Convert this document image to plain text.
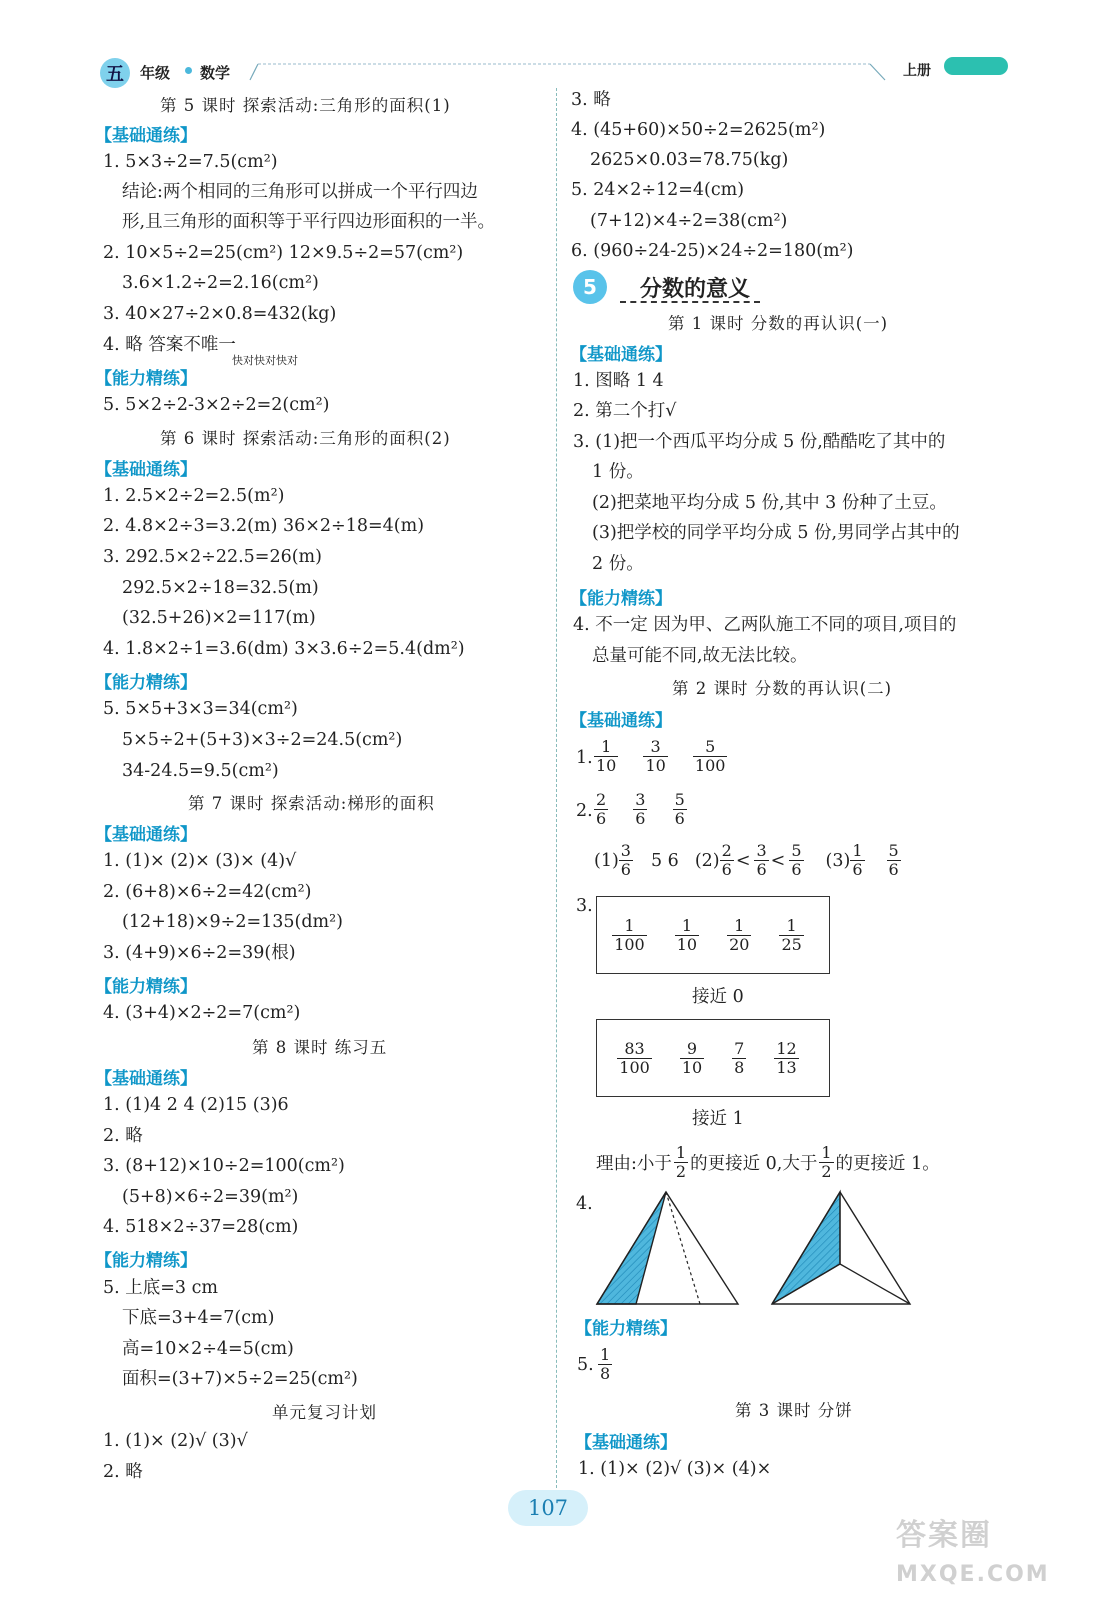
五 年级 数学	上册
第 5 课时 探索活动:三角形的面积(1)
【基础通练】
1. 5×3÷2=7.5(cm²)
结论:两个相同的三角形可以拼成一个平行四边
形,且三角形的面积等于平行四边形面积的一半。
2. 10×5÷2=25(cm²) 12×9.5÷2=57(cm²)
3.6×1.2÷2=2.16(cm²)
3. 40×27÷2×0.8=432(kg)
4. 略 答案不唯一
快对快对快对
【能力精练】
5. 5×2÷2-3×2÷2=2(cm²)
第 6 课时 探索活动:三角形的面积(2)
【基础通练】
1. 2.5×2÷2=2.5(m²)
2. 4.8×2÷3=3.2(m) 36×2÷18=4(m)
3. 292.5×2÷22.5=26(m)
292.5×2÷18=32.5(m)
(32.5+26)×2=117(m)
4. 1.8×2÷1=3.6(dm) 3×3.6÷2=5.4(dm²)
【能力精练】
5. 5×5+3×3=34(cm²)
5×5÷2+(5+3)×3÷2=24.5(cm²)
34-24.5=9.5(cm²)
第 7 课时 探索活动:梯形的面积
【基础通练】
1. (1)× (2)× (3)× (4)√
2. (6+8)×6÷2=42(cm²)
(12+18)×9÷2=135(dm²)
3. (4+9)×6÷2=39(根)
【能力精练】
4. (3+4)×2÷2=7(cm²)
第 8 课时 练习五
【基础通练】
1. (1)4 2 4 (2)15 (3)6
2. 略
3. (8+12)×10÷2=100(cm²)
(5+8)×6÷2=39(m²)
4. 518×2÷37=28(cm)
【能力精练】
5. 上底=3 cm
下底=3+4=7(cm)
高=10×2÷4=5(cm)
面积=(3+7)×5÷2=25(cm²)
单元复习计划
1. (1)× (2)√ (3)√
2. 略
3. 略
4. (45+60)×50÷2=2625(m²)
2625×0.03=78.75(kg)
5. 24×2÷12=4(cm)
(7+12)×4÷2=38(cm²)
6. (960÷24-25)×24÷2=180(m²)
5 分数的意义
第 1 课时 分数的再认识(一)
【基础通练】
1. 图略 1 4
2. 第二个打√
3. (1)把一个西瓜平均分成 5 份,酷酷吃了其中的
1 份。
(2)把菜地平均分成 5 份,其中 3 份种了土豆。
(3)把学校的同学平均分成 5 份,男同学占其中的
2 份。
【能力精练】
4. 不一定 因为甲、乙两队施工不同的项目,项目的
总量可能不同,故无法比较。
第 2 课时 分数的再认识(二)
【基础通练】
1. $\frac{1}{10}$
$\frac{3}{10}$
$\frac{5}{100}$
2. $\frac{2}{6}$
$\frac{3}{6}$
$\frac{5}{6}$
$(1) \frac{3}{6} 5$ 6 $(2) \frac{2}{6} < \frac{3}{6} < \frac{5}{6} (3) \frac{1}{6} \frac{5}{6}$
3.
$\frac{1}{100} \frac{1}{10} \frac{1}{20} \frac{1}{25}$
接近 0
$\frac{83}{100} \frac{9}{10} \frac{7}{8} \frac{12}{13}$
接近 1
理由:小于 $\frac{1}{2}$ 的更接近 0,大于 $\frac{1}{2}$ 的更接近 1。
4.
【能力精练】
5. $\frac{1}{8}$
第 3 课时 分饼
【基础通练】
1. (1)× (2)√ (3)× (4)×
107
答案圈
MXQE.COM
